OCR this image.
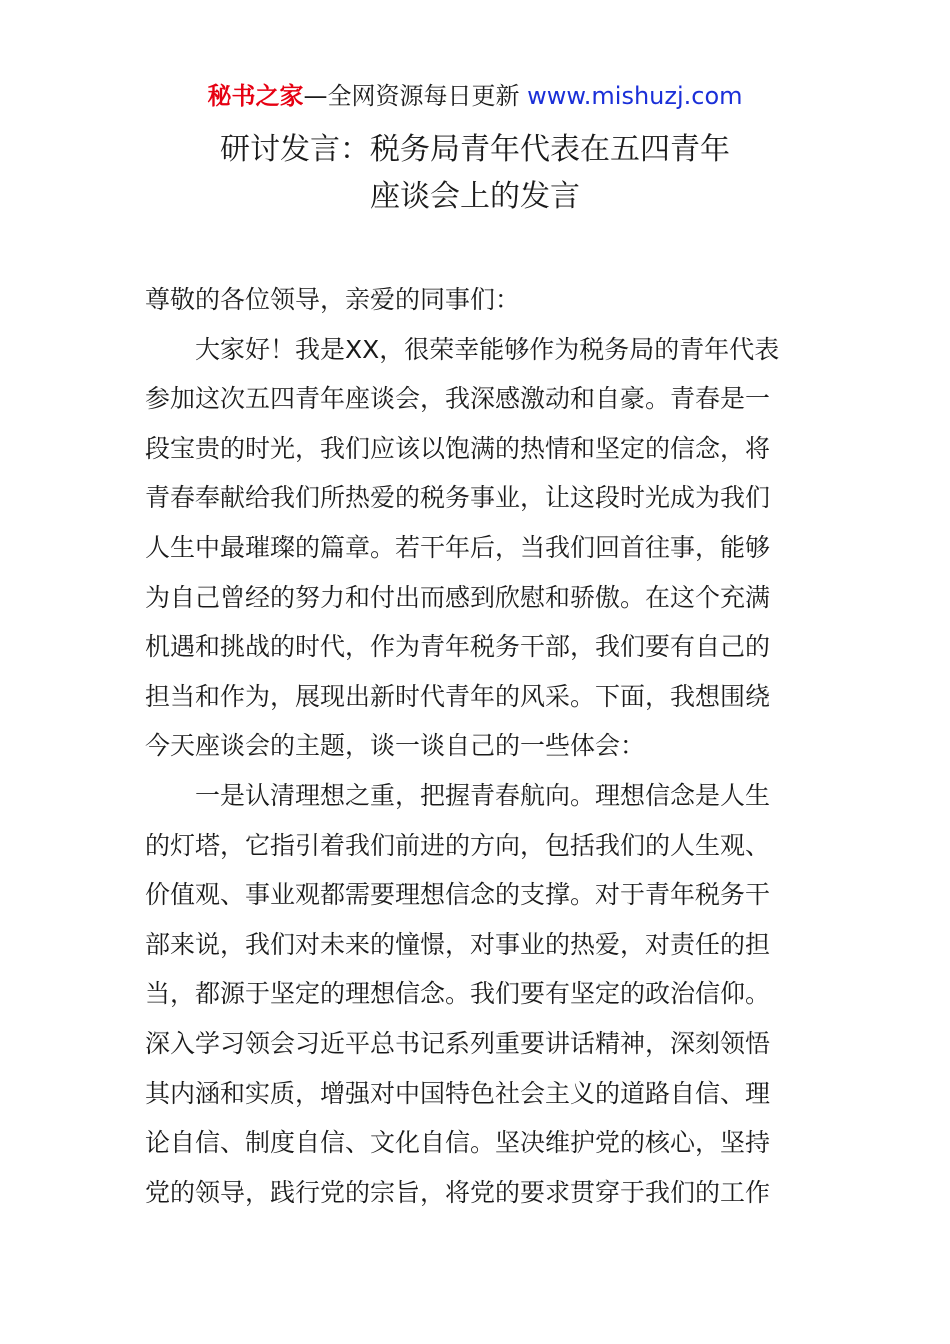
秘书之家—全网资源每日更新 www.mishuzj.com
研讨发言：税务局青年代表在五四青年
座谈会上的发言
尊敬的各位领导，亲爱的同事们：
大家好！我是XX，很荣幸能够作为税务局的青年代表
参加这次五四青年座谈会，我深感激动和自豪。青春是一
段宝贵的时光，我们应该以饱满的热情和坚定的信念，将
青春奉献给我们所热爱的税务事业，让这段时光成为我们
人生中最璀璨的篇章。若干年后，当我们回首往事，能够
为自己曾经的努力和付出而感到欣慰和骄傲。在这个充满
机遇和挑战的时代，作为青年税务干部，我们要有自己的
担当和作为，展现出新时代青年的风采。下面，我想围绕
今天座谈会的主题，谈一谈自己的一些体会：
一是认清理想之重，把握青春航向。理想信念是人生
的灯塔，它指引着我们前进的方向，包括我们的人生观、
价值观、事业观都需要理想信念的支撑。对于青年税务干
部来说，我们对未来的憧憬，对事业的热爱，对责任的担
当，都源于坚定的理想信念。我们要有坚定的政治信仰。
深入学习领会习近平总书记系列重要讲话精神，深刻领悟
其内涵和实质，增强对中国特色社会主义的道路自信、理
论自信、制度自信、文化自信。坚决维护党的核心，坚持
党的领导，践行党的宗旨，将党的要求贯穿于我们的工作
